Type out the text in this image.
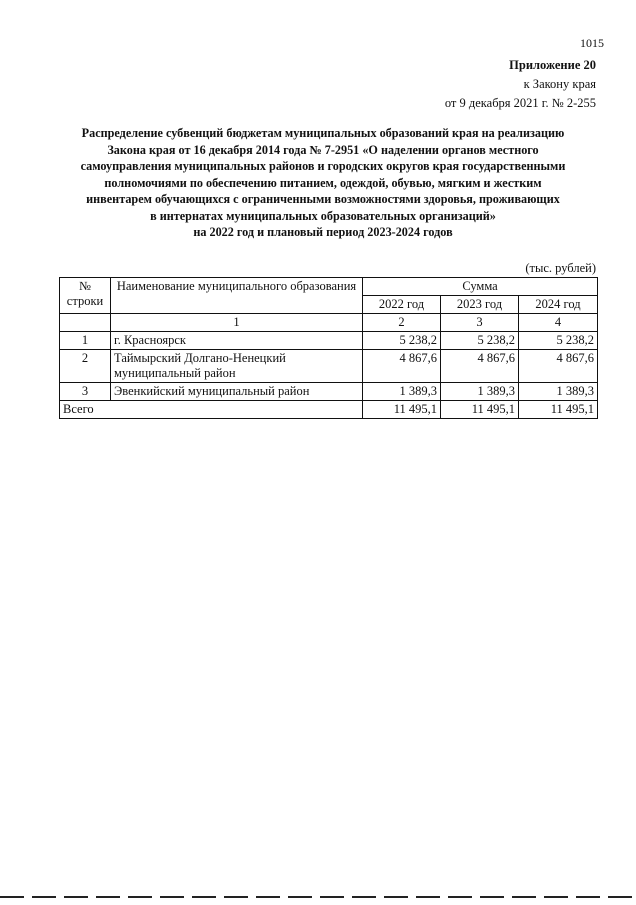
1015
Приложение 20
к Закону края
от 9 декабря 2021 г. № 2-255
Распределение субвенций бюджетам муниципальных образований края на реализацию
Закона края от 16 декабря 2014 года № 7-2951 «О наделении органов местного
самоуправления муниципальных районов и городских округов края государственными
полномочиями по обеспечению питанием, одеждой, обувью, мягким и жестким
инвентарем обучающихся с ограниченными возможностями здоровья, проживающих
в интернатах муниципальных образовательных организаций»
на 2022 год и плановый период 2023-2024 годов
(тыс. рублей)
№
строки	Наименование муниципального образования	Сумма		
		2022 год	2023 год	2024 год
	1	2	3	4
1	г. Красноярск	5 238,2	5 238,2	5 238,2
2	Таймырский Долгано-Ненецкий муниципальный район	4 867,6	4 867,6	4 867,6
3	Эвенкийский муниципальный район	1 389,3	1 389,3	1 389,3
Всего		11 495,1	11 495,1	11 495,1
